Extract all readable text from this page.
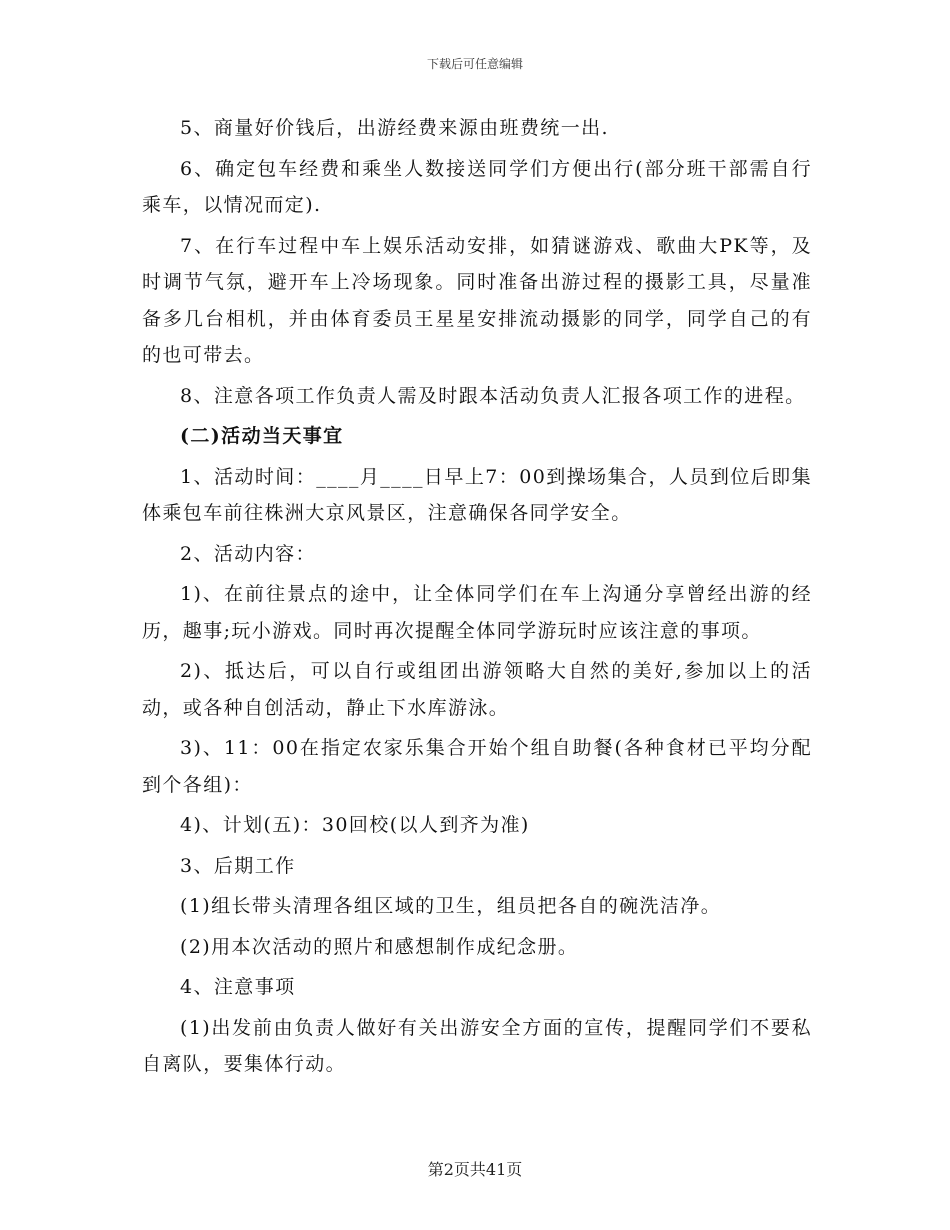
下载后可任意编辑

5、商量好价钱后，出游经费来源由班费统一出.

6、确定包车经费和乘坐人数接送同学们方便出行(部分班干部需自行乘车，以情况而定).

7、在行车过程中车上娱乐活动安排，如猜谜游戏、歌曲大PK等，及时调节气氛，避开车上冷场现象。同时准备出游过程的摄影工具，尽量准备多几台相机，并由体育委员王星星安排流动摄影的同学，同学自己的有的也可带去。

8、注意各项工作负责人需及时跟本活动负责人汇报各项工作的进程。

(二)活动当天事宜

1、活动时间：____月____日早上7：00到操场集合，人员到位后即集体乘包车前往株洲大京风景区，注意确保各同学安全。

2、活动内容：

1)、在前往景点的途中，让全体同学们在车上沟通分享曾经出游的经历，趣事;玩小游戏。同时再次提醒全体同学游玩时应该注意的事项。

2)、抵达后，可以自行或组团出游领略大自然的美好,参加以上的活动，或各种自创活动，静止下水库游泳。

3)、11：00在指定农家乐集合开始个组自助餐(各种食材已平均分配到个各组)：

4)、计划(五)：30回校(以人到齐为准)

3、后期工作

(1)组长带头清理各组区域的卫生，组员把各自的碗洗洁净。

(2)用本次活动的照片和感想制作成纪念册。

4、注意事项

(1)出发前由负责人做好有关出游安全方面的宣传，提醒同学们不要私自离队，要集体行动。

第2页共41页
